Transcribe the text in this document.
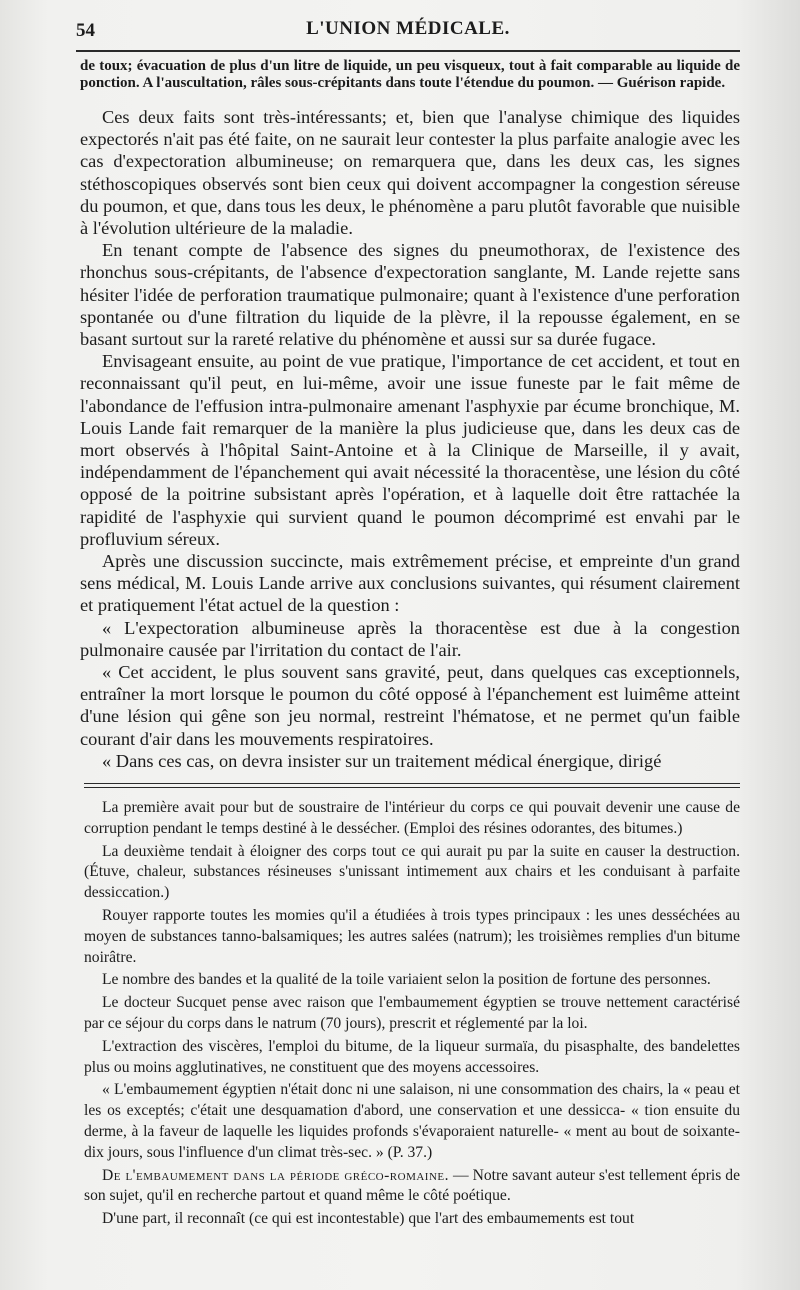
54	L'UNION MÉDICALE.

de toux; évacuation de plus d'un litre de liquide, un peu visqueux, tout à fait comparable au liquide de ponction. A l'auscultation, râles sous-crépitants dans toute l'étendue du poumon. — Guérison rapide.

Ces deux faits sont très-intéressants; et, bien que l'analyse chimique des liquides expectorés n'ait pas été faite, on ne saurait leur contester la plus parfaite analogie avec les cas d'expectoration albumineuse; on remarquera que, dans les deux cas, les signes stéthoscopiques observés sont bien ceux qui doivent accompagner la congestion séreuse du poumon, et que, dans tous les deux, le phénomène a paru plutôt favorable que nuisible à l'évolution ultérieure de la maladie.

En tenant compte de l'absence des signes du pneumothorax, de l'existence des rhonchus sous-crépitants, de l'absence d'expectoration sanglante, M. Lande rejette sans hésiter l'idée de perforation traumatique pulmonaire; quant à l'existence d'une perforation spontanée ou d'une filtration du liquide de la plèvre, il la repousse également, en se basant surtout sur la rareté relative du phénomène et aussi sur sa durée fugace.

Envisageant ensuite, au point de vue pratique, l'importance de cet accident, et tout en reconnaissant qu'il peut, en lui-même, avoir une issue funeste par le fait même de l'abondance de l'effusion intra-pulmonaire amenant l'asphyxie par écume bronchique, M. Louis Lande fait remarquer de la manière la plus judicieuse que, dans les deux cas de mort observés à l'hôpital Saint-Antoine et à la Clinique de Marseille, il y avait, indépendamment de l'épanchement qui avait nécessité la thoracentèse, une lésion du côté opposé de la poitrine subsistant après l'opération, et à laquelle doit être rattachée la rapidité de l'asphyxie qui survient quand le poumon décomprimé est envahi par le profluvium séreux.

Après une discussion succincte, mais extrêmement précise, et empreinte d'un grand sens médical, M. Louis Lande arrive aux conclusions suivantes, qui résument clairement et pratiquement l'état actuel de la question :

« L'expectoration albumineuse après la thoracentèse est due à la congestion pulmonaire causée par l'irritation du contact de l'air.

« Cet accident, le plus souvent sans gravité, peut, dans quelques cas exceptionnels, entraîner la mort lorsque le poumon du côté opposé à l'épanchement est luimême atteint d'une lésion qui gêne son jeu normal, restreint l'hématose, et ne permet qu'un faible courant d'air dans les mouvements respiratoires.

« Dans ces cas, on devra insister sur un traitement médical énergique, dirigé

La première avait pour but de soustraire de l'intérieur du corps ce qui pouvait devenir une cause de corruption pendant le temps destiné à le dessécher. (Emploi des résines odorantes, des bitumes.)

La deuxième tendait à éloigner des corps tout ce qui aurait pu par la suite en causer la destruction. (Étuve, chaleur, substances résineuses s'unissant intimement aux chairs et les conduisant à parfaite dessiccation.)

Rouyer rapporte toutes les momies qu'il a étudiées à trois types principaux : les unes desséchées au moyen de substances tanno-balsamiques; les autres salées (natrum); les troisièmes remplies d'un bitume noirâtre.

Le nombre des bandes et la qualité de la toile variaient selon la position de fortune des personnes.

Le docteur Sucquet pense avec raison que l'embaumement égyptien se trouve nettement caractérisé par ce séjour du corps dans le natrum (70 jours), prescrit et réglementé par la loi.

L'extraction des viscères, l'emploi du bitume, de la liqueur surmaïa, du pisasphalte, des bandelettes plus ou moins agglutinatives, ne constituent que des moyens accessoires.

« L'embaumement égyptien n'était donc ni une salaison, ni une consommation des chairs, la « peau et les os exceptés; c'était une desquamation d'abord, une conservation et une dessicca- « tion ensuite du derme, à la faveur de laquelle les liquides profonds s'évaporaient naturelle- « ment au bout de soixante-dix jours, sous l'influence d'un climat très-sec. » (P. 37.)

De l'embaumement dans la période gréco-romaine. — Notre savant auteur s'est tellement épris de son sujet, qu'il en recherche partout et quand même le côté poétique.

D'une part, il reconnaît (ce qui est incontestable) que l'art des embaumements est tout
